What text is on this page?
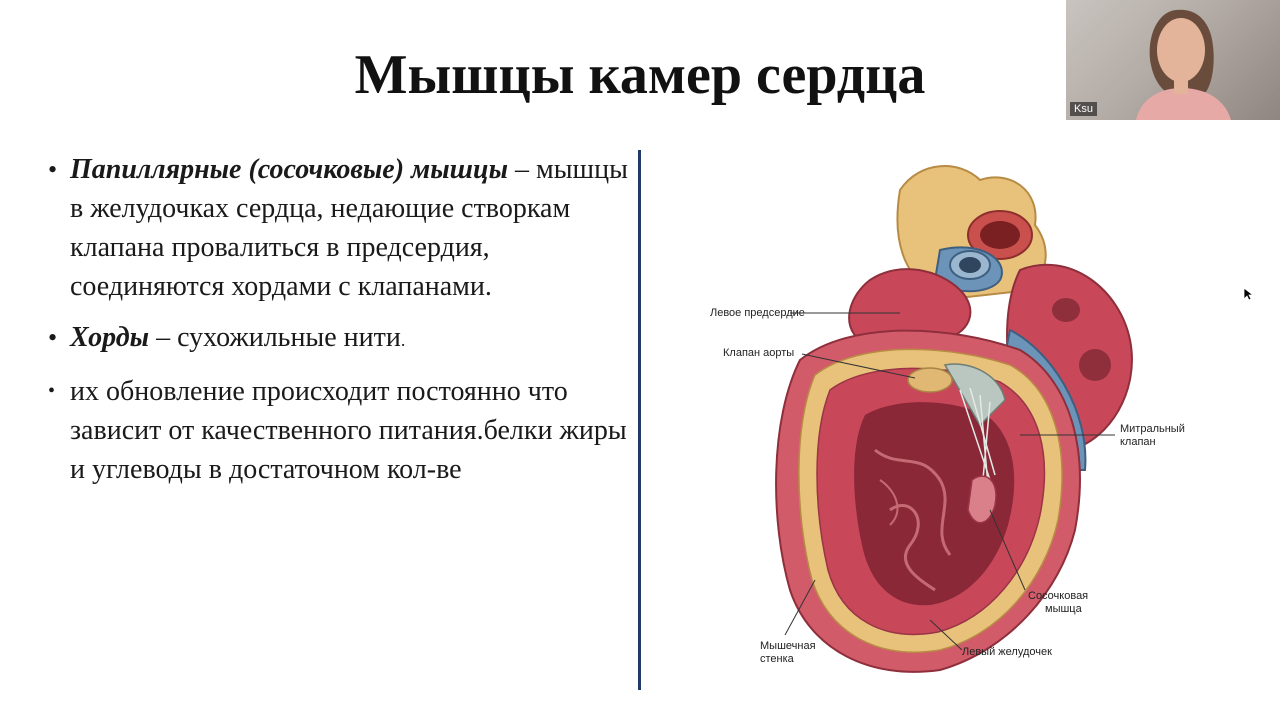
Мышцы камер сердца
• Папиллярные (сосочковые) мышцы – мышцы в желудочках сердца, недающие створкам клапана провалиться в предсердия, соединяются хордами с клапанами.
• Хорды – сухожильные нити.
• их обновление происходит постоянно что зависит от качественного питания.белки жиры и углеводы в достаточном кол-ве
Левое предсердие
Клапан аорты
Митральный
клапан
Сосочковая
мышца
Мышечная
стенка
Левый желудочек
Ksu
